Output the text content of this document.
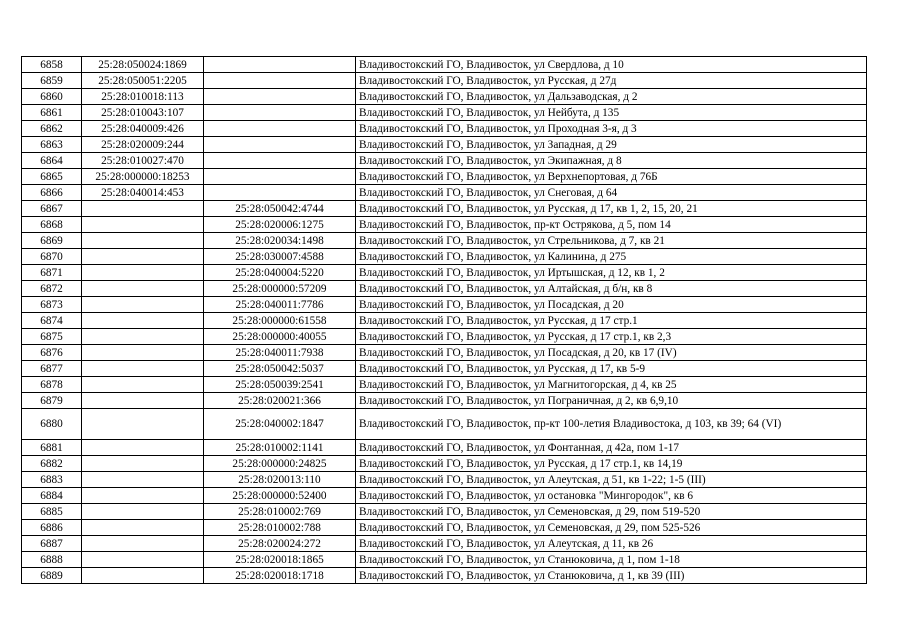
6858	25:28:050024:1869		Владивостокский ГО, Владивосток, ул Свердлова, д 10
6859	25:28:050051:2205		Владивостокский ГО, Владивосток, ул Русская, д 27д
6860	25:28:010018:113		Владивостокский ГО, Владивосток, ул Дальзаводская, д 2
6861	25:28:010043:107		Владивостокский ГО, Владивосток, ул Нейбута, д 135
6862	25:28:040009:426		Владивостокский ГО, Владивосток, ул Проходная 3-я, д 3
6863	25:28:020009:244		Владивостокский ГО, Владивосток, ул Западная, д 29
6864	25:28:010027:470		Владивостокский ГО, Владивосток, ул Экипажная, д 8
6865	25:28:000000:18253		Владивостокский ГО, Владивосток, ул Верхнепортовая, д 76Б
6866	25:28:040014:453		Владивостокский ГО, Владивосток, ул Снеговая, д 64
6867		25:28:050042:4744	Владивостокский ГО, Владивосток, ул Русская, д 17, кв 1, 2, 15, 20, 21
6868		25:28:020006:1275	Владивостокский ГО, Владивосток, пр-кт Острякова, д 5, пом 14
6869		25:28:020034:1498	Владивостокский ГО, Владивосток, ул Стрельникова, д 7, кв 21
6870		25:28:030007:4588	Владивостокский ГО, Владивосток, ул Калинина, д 275
6871		25:28:040004:5220	Владивостокский ГО, Владивосток, ул Иртышская, д 12, кв 1, 2
6872		25:28:000000:57209	Владивостокский ГО, Владивосток, ул Алтайская, д б/н, кв 8
6873		25:28:040011:7786	Владивостокский ГО, Владивосток, ул Посадская, д 20
6874		25:28:000000:61558	Владивостокский ГО, Владивосток, ул Русская, д 17 стр.1
6875		25:28:000000:40055	Владивостокский ГО, Владивосток, ул Русская, д 17 стр.1, кв 2,3
6876		25:28:040011:7938	Владивостокский ГО, Владивосток, ул Посадская, д 20, кв 17 (IV)
6877		25:28:050042:5037	Владивостокский ГО, Владивосток, ул Русская, д 17, кв 5-9
6878		25:28:050039:2541	Владивостокский ГО, Владивосток, ул Магнитогорская, д 4, кв 25
6879		25:28:020021:366	Владивостокский ГО, Владивосток, ул Пограничная, д 2, кв 6,9,10
6880		25:28:040002:1847	Владивостокский ГО, Владивосток, пр-кт 100-летия Владивостока, д 103, кв 39; 64 (VI)
6881		25:28:010002:1141	Владивостокский ГО, Владивосток, ул Фонтанная, д 42а, пом 1-17
6882		25:28:000000:24825	Владивостокский ГО, Владивосток, ул Русская, д 17 стр.1, кв 14,19
6883		25:28:020013:110	Владивостокский ГО, Владивосток, ул Алеутская, д 51, кв 1-22; 1-5 (III)
6884		25:28:000000:52400	Владивостокский ГО, Владивосток, ул остановка "Мингородок", кв 6
6885		25:28:010002:769	Владивостокский ГО, Владивосток, ул Семеновская, д 29, пом 519-520
6886		25:28:010002:788	Владивостокский ГО, Владивосток, ул Семеновская, д 29, пом 525-526
6887		25:28:020024:272	Владивостокский ГО, Владивосток, ул Алеутская, д 11, кв 26
6888		25:28:020018:1865	Владивостокский ГО, Владивосток, ул Станюковича, д 1, пом 1-18
6889		25:28:020018:1718	Владивостокский ГО, Владивосток, ул Станюковича, д 1, кв 39 (III)
